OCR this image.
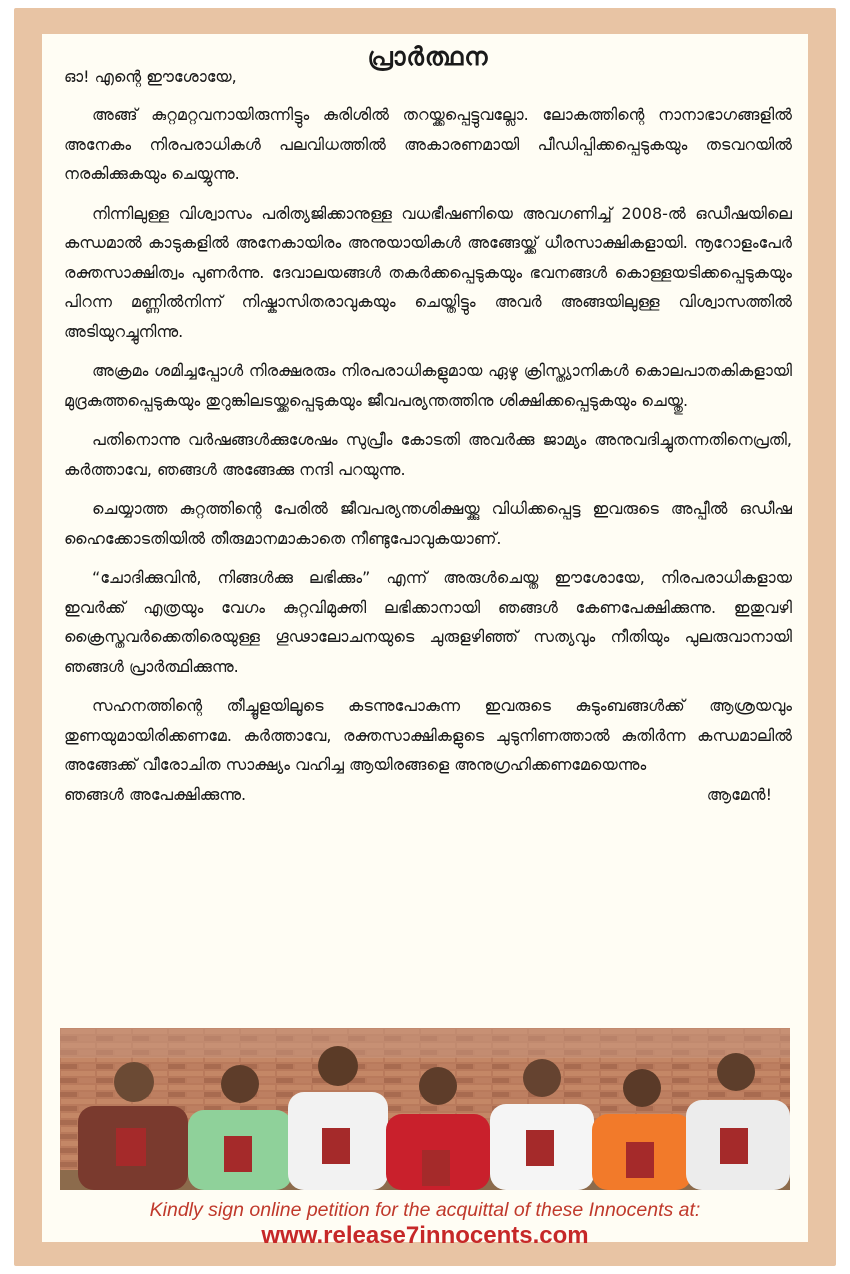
പ്രാർത്ഥന

ഓ! എന്റെ ഈശോയേ,

അങ്ങ് കുറ്റമറ്റവനായിരുന്നിട്ടും കുരിശിൽ തറയ്ക്കപ്പെട്ടുവല്ലോ. ലോകത്തിന്റെ നാനാഭാഗങ്ങളിൽ അനേകം നിരപരാധികൾ പലവിധത്തിൽ അകാരണമായി പീഡിപ്പിക്കപ്പെടുകയും തടവറയിൽ നരകിക്കുകയും ചെയ്യുന്നു.

നിന്നിലുള്ള വിശ്വാസം പരിത്യജിക്കാനുള്ള വധഭീഷണിയെ അവഗണിച്ച് 2008-ൽ ഒഡീഷയിലെ കന്ധമാൽ കാടുകളിൽ അനേകായിരം അനുയായികൾ അങ്ങേയ്ക്ക് ധീരസാക്ഷികളായി. നൂറോളംപേർ രക്തസാക്ഷിത്വം പുണർന്നു. ദേവാലയങ്ങൾ തകർക്കപ്പെടുകയും ഭവനങ്ങൾ കൊള്ളയടിക്കപ്പെടുകയും പിറന്ന മണ്ണിൽനിന്ന് നിഷ്കാസിതരാവുകയും ചെയ്തിട്ടും അവർ അങ്ങയിലുള്ള വിശ്വാസത്തിൽ അടിയുറച്ചുനിന്നു.

അക്രമം ശമിച്ചപ്പോൾ നിരക്ഷരരും നിരപരാധികളുമായ ഏഴു ക്രിസ്ത്യാനികൾ കൊലപാതകികളായി മുദ്രകുത്തപ്പെടുകയും തുറുങ്കിലടയ്ക്കപ്പെടുകയും ജീവപര്യന്തത്തിനു ശിക്ഷിക്കപ്പെടുകയും ചെയ്തു.

പതിനൊന്നു വർഷങ്ങൾക്കുശേഷം സുപ്രീം കോടതി അവർക്കു ജാമ്യം അനുവദിച്ചുതന്നതിനെപ്രതി, കർത്താവേ, ഞങ്ങൾ അങ്ങേക്കു നന്ദി പറയുന്നു.

ചെയ്യാത്ത കുറ്റത്തിന്റെ പേരിൽ ജീവപര്യന്തശിക്ഷയ്ക്കു വിധിക്കപ്പെട്ട ഇവരുടെ അപ്പീൽ ഒഡീഷ ഹൈക്കോടതിയിൽ തീരുമാനമാകാതെ നീണ്ടുപോവുകയാണ്.

“ചോദിക്കുവിൻ, നിങ്ങൾക്കു ലഭിക്കും” എന്ന് അരുൾചെയ്ത ഈശോയേ, നിരപരാധികളായ ഇവർക്ക് എത്രയും വേഗം കുറ്റവിമുക്തി ലഭിക്കാനായി ഞങ്ങൾ കേണപേക്ഷിക്കുന്നു. ഇതുവഴി ക്രൈസ്തവർക്കെതിരെയുള്ള ഗൂഢാലോചനയുടെ ചുരുളഴിഞ്ഞ് സത്യവും നീതിയും പുലരുവാനായി ഞങ്ങൾ പ്രാർത്ഥിക്കുന്നു.

സഹനത്തിന്റെ തീച്ചൂളയിലൂടെ കടന്നുപോകുന്ന ഇവരുടെ കുടുംബങ്ങൾക്ക് ആശ്രയവും തുണയുമായിരിക്കണമേ. കർത്താവേ, രക്തസാക്ഷികളുടെ ചുടുനിണത്താൽ കുതിർന്ന കന്ധമാലിൽ അങ്ങേക്ക് വീരോചിത സാക്ഷ്യം വഹിച്ച ആയിരങ്ങളെ അനുഗ്രഹിക്കണമേയെന്നും

ഞങ്ങൾ അപേക്ഷിക്കുന്നു.	ആമേൻ!
Kindly sign online petition for the acquittal of these Innocents at:
www.release7innocents.com
